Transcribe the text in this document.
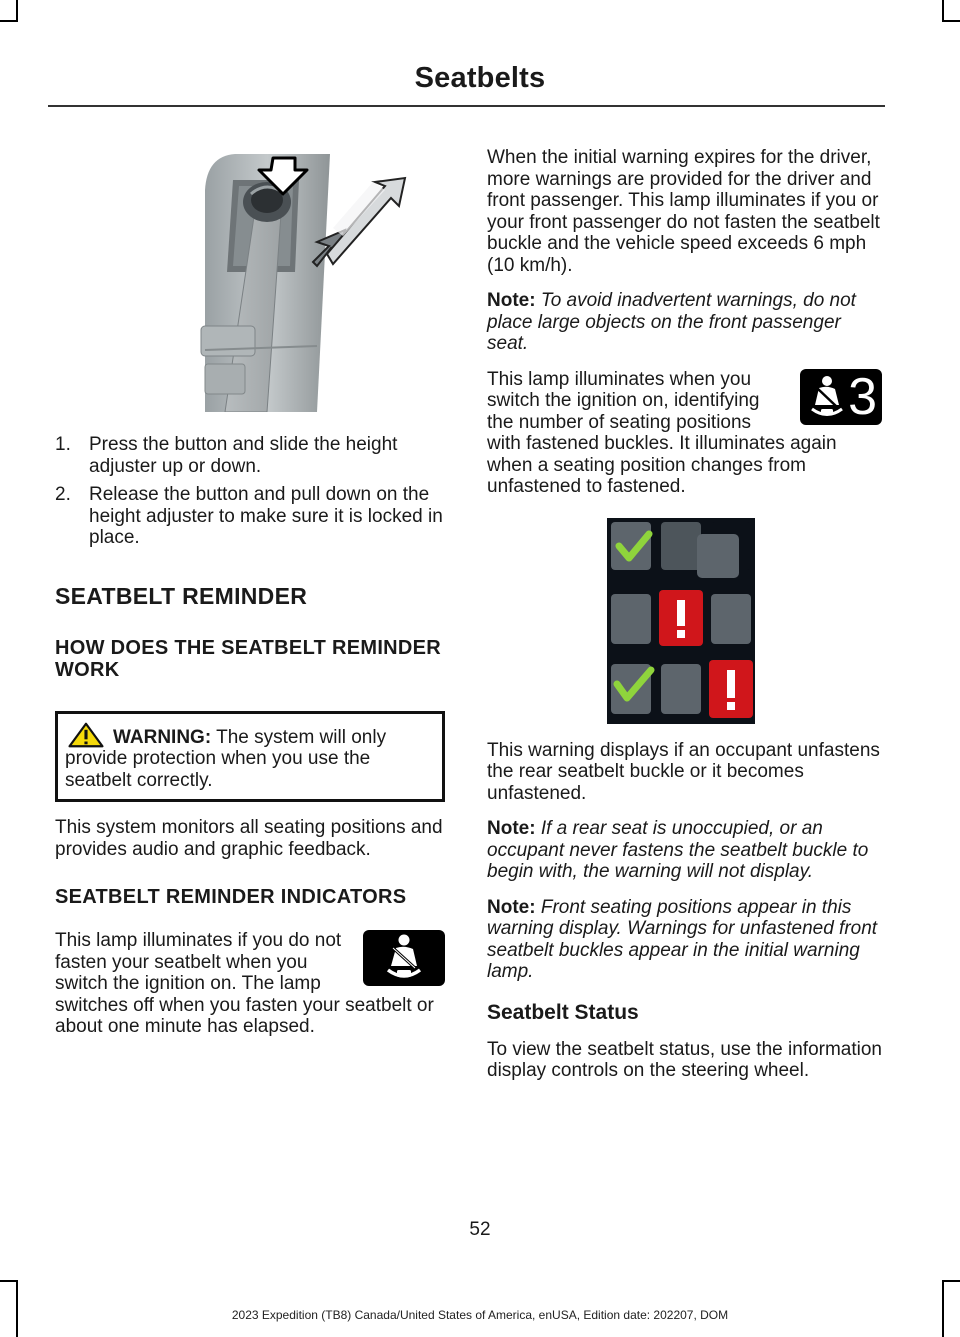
Seatbelts
1. Press the button and slide the height adjuster up or down.
2. Release the button and pull down on the height adjuster to make sure it is locked in place.
SEATBELT REMINDER
HOW DOES THE SEATBELT REMINDER WORK

WARNING: The system will only provide protection when you use the seatbelt correctly.

This system monitors all seating positions and provides audio and graphic feedback.

SEATBELT REMINDER INDICATORS

This lamp illuminates if you do not fasten your seatbelt when you switch the ignition on. The lamp switches off when you fasten your seatbelt or about one minute has elapsed.

When the initial warning expires for the driver, more warnings are provided for the driver and front passenger. This lamp illuminates if you or your front passenger do not fasten the seatbelt buckle and the vehicle speed exceeds 6 mph (10 km/h).

Note: To avoid inadvertent warnings, do not place large objects on the front passenger seat.

3

This lamp illuminates when you switch the ignition on, identifying the number of seating positions with fastened buckles. It illuminates again when a seating position changes from unfastened to fastened.

This warning displays if an occupant unfastens the rear seatbelt buckle or it becomes unfastened.

Note: If a rear seat is unoccupied, or an occupant never fastens the seatbelt buckle to begin with, the warning will not display.

Note: Front seating positions appear in this warning display. Warnings for unfastened front seatbelt buckles appear in the initial warning lamp.

Seatbelt Status

To view the seatbelt status, use the information display controls on the steering wheel.

52
2023 Expedition (TB8) Canada/United States of America, enUSA, Edition date: 202207, DOM
